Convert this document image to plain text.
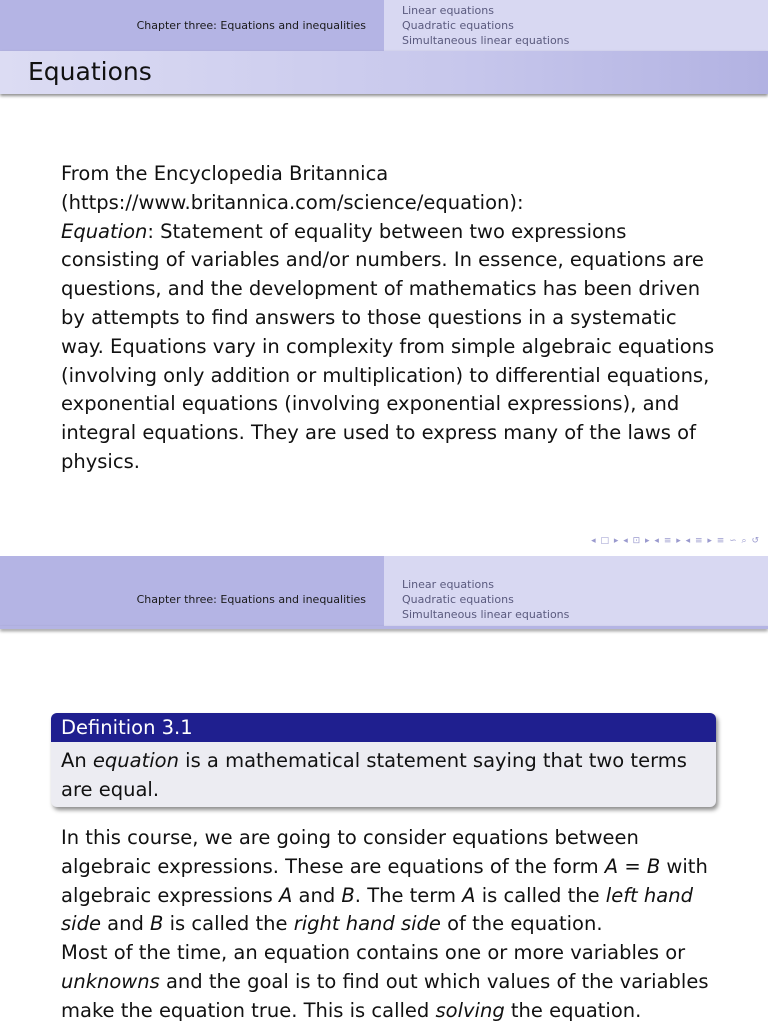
Chapter three: Equations and inequalities
Linear equations
Quadratic equations
Simultaneous linear equations
Equations

From the Encyclopedia Britannica

(https://www.britannica.com/science/equation):

Equation: Statement of equality between two expressions consisting of variables and/or numbers. In essence, equations are questions, and the development of mathematics has been driven by attempts to find answers to those questions in a systematic way. Equations vary in complexity from simple algebraic equations (involving only addition or multiplication) to differential equations, exponential equations (involving exponential expressions), and integral equations. They are used to express many of the laws of physics.

◂ □ ▸ ◂ ⊡ ▸ ◂ ≡ ▸ ◂ ≡ ▸ ≡ ∽ ⌕ ↺
Chapter three: Equations and inequalities
Linear equations
Quadratic equations
Simultaneous linear equations
Definition 3.1
An equation is a mathematical statement saying that two terms are equal.

In this course, we are going to consider equations between algebraic expressions. These are equations of the form A = B with algebraic expressions A and B. The term A is called the left hand side and B is called the right hand side of the equation.

Most of the time, an equation contains one or more variables or unknowns and the goal is to find out which values of the variables make the equation true. This is called solving the equation.
